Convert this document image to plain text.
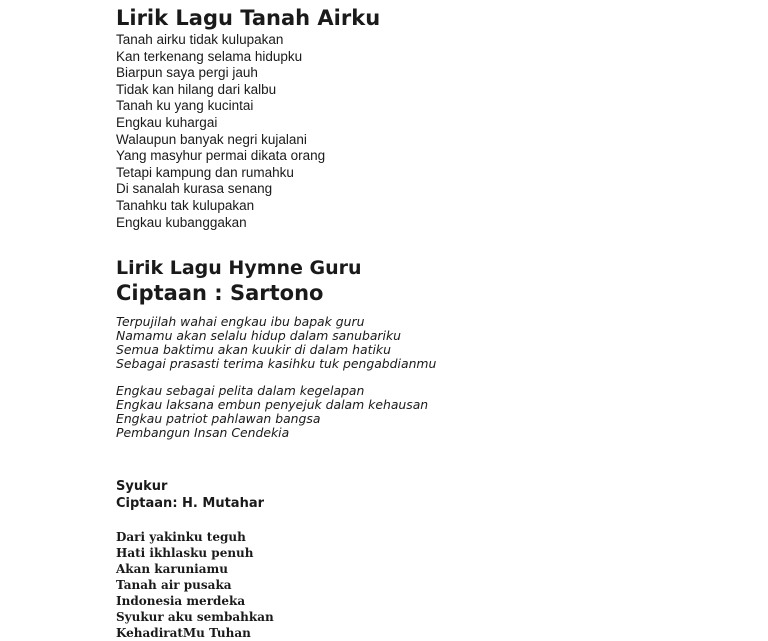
Lirik Lagu Tanah Airku
Tanah airku tidak kulupakan
Kan terkenang selama hidupku
Biarpun saya pergi jauh
Tidak kan hilang dari kalbu
Tanah ku yang kucintai
Engkau kuhargai
Walaupun banyak negri kujalani
Yang masyhur permai dikata orang
Tetapi kampung dan rumahku
Di sanalah kurasa senang
Tanahku tak kulupakan
Engkau kubanggakan
Lirik Lagu Hymne Guru
Ciptaan : Sartono
Terpujilah wahai engkau ibu bapak guru
Namamu akan selalu hidup dalam sanubariku
Semua baktimu akan kuukir di dalam hatiku
Sebagai prasasti terima kasihku tuk pengabdianmu
Engkau sebagai pelita dalam kegelapan
Engkau laksana embun penyejuk dalam kehausan
Engkau patriot pahlawan bangsa
Pembangun Insan Cendekia
Syukur
Ciptaan: H. Mutahar
Dari yakinku teguh
Hati ikhlasku penuh
Akan karuniamu
Tanah air pusaka
Indonesia merdeka
Syukur aku sembahkan
KehadiratMu Tuhan
